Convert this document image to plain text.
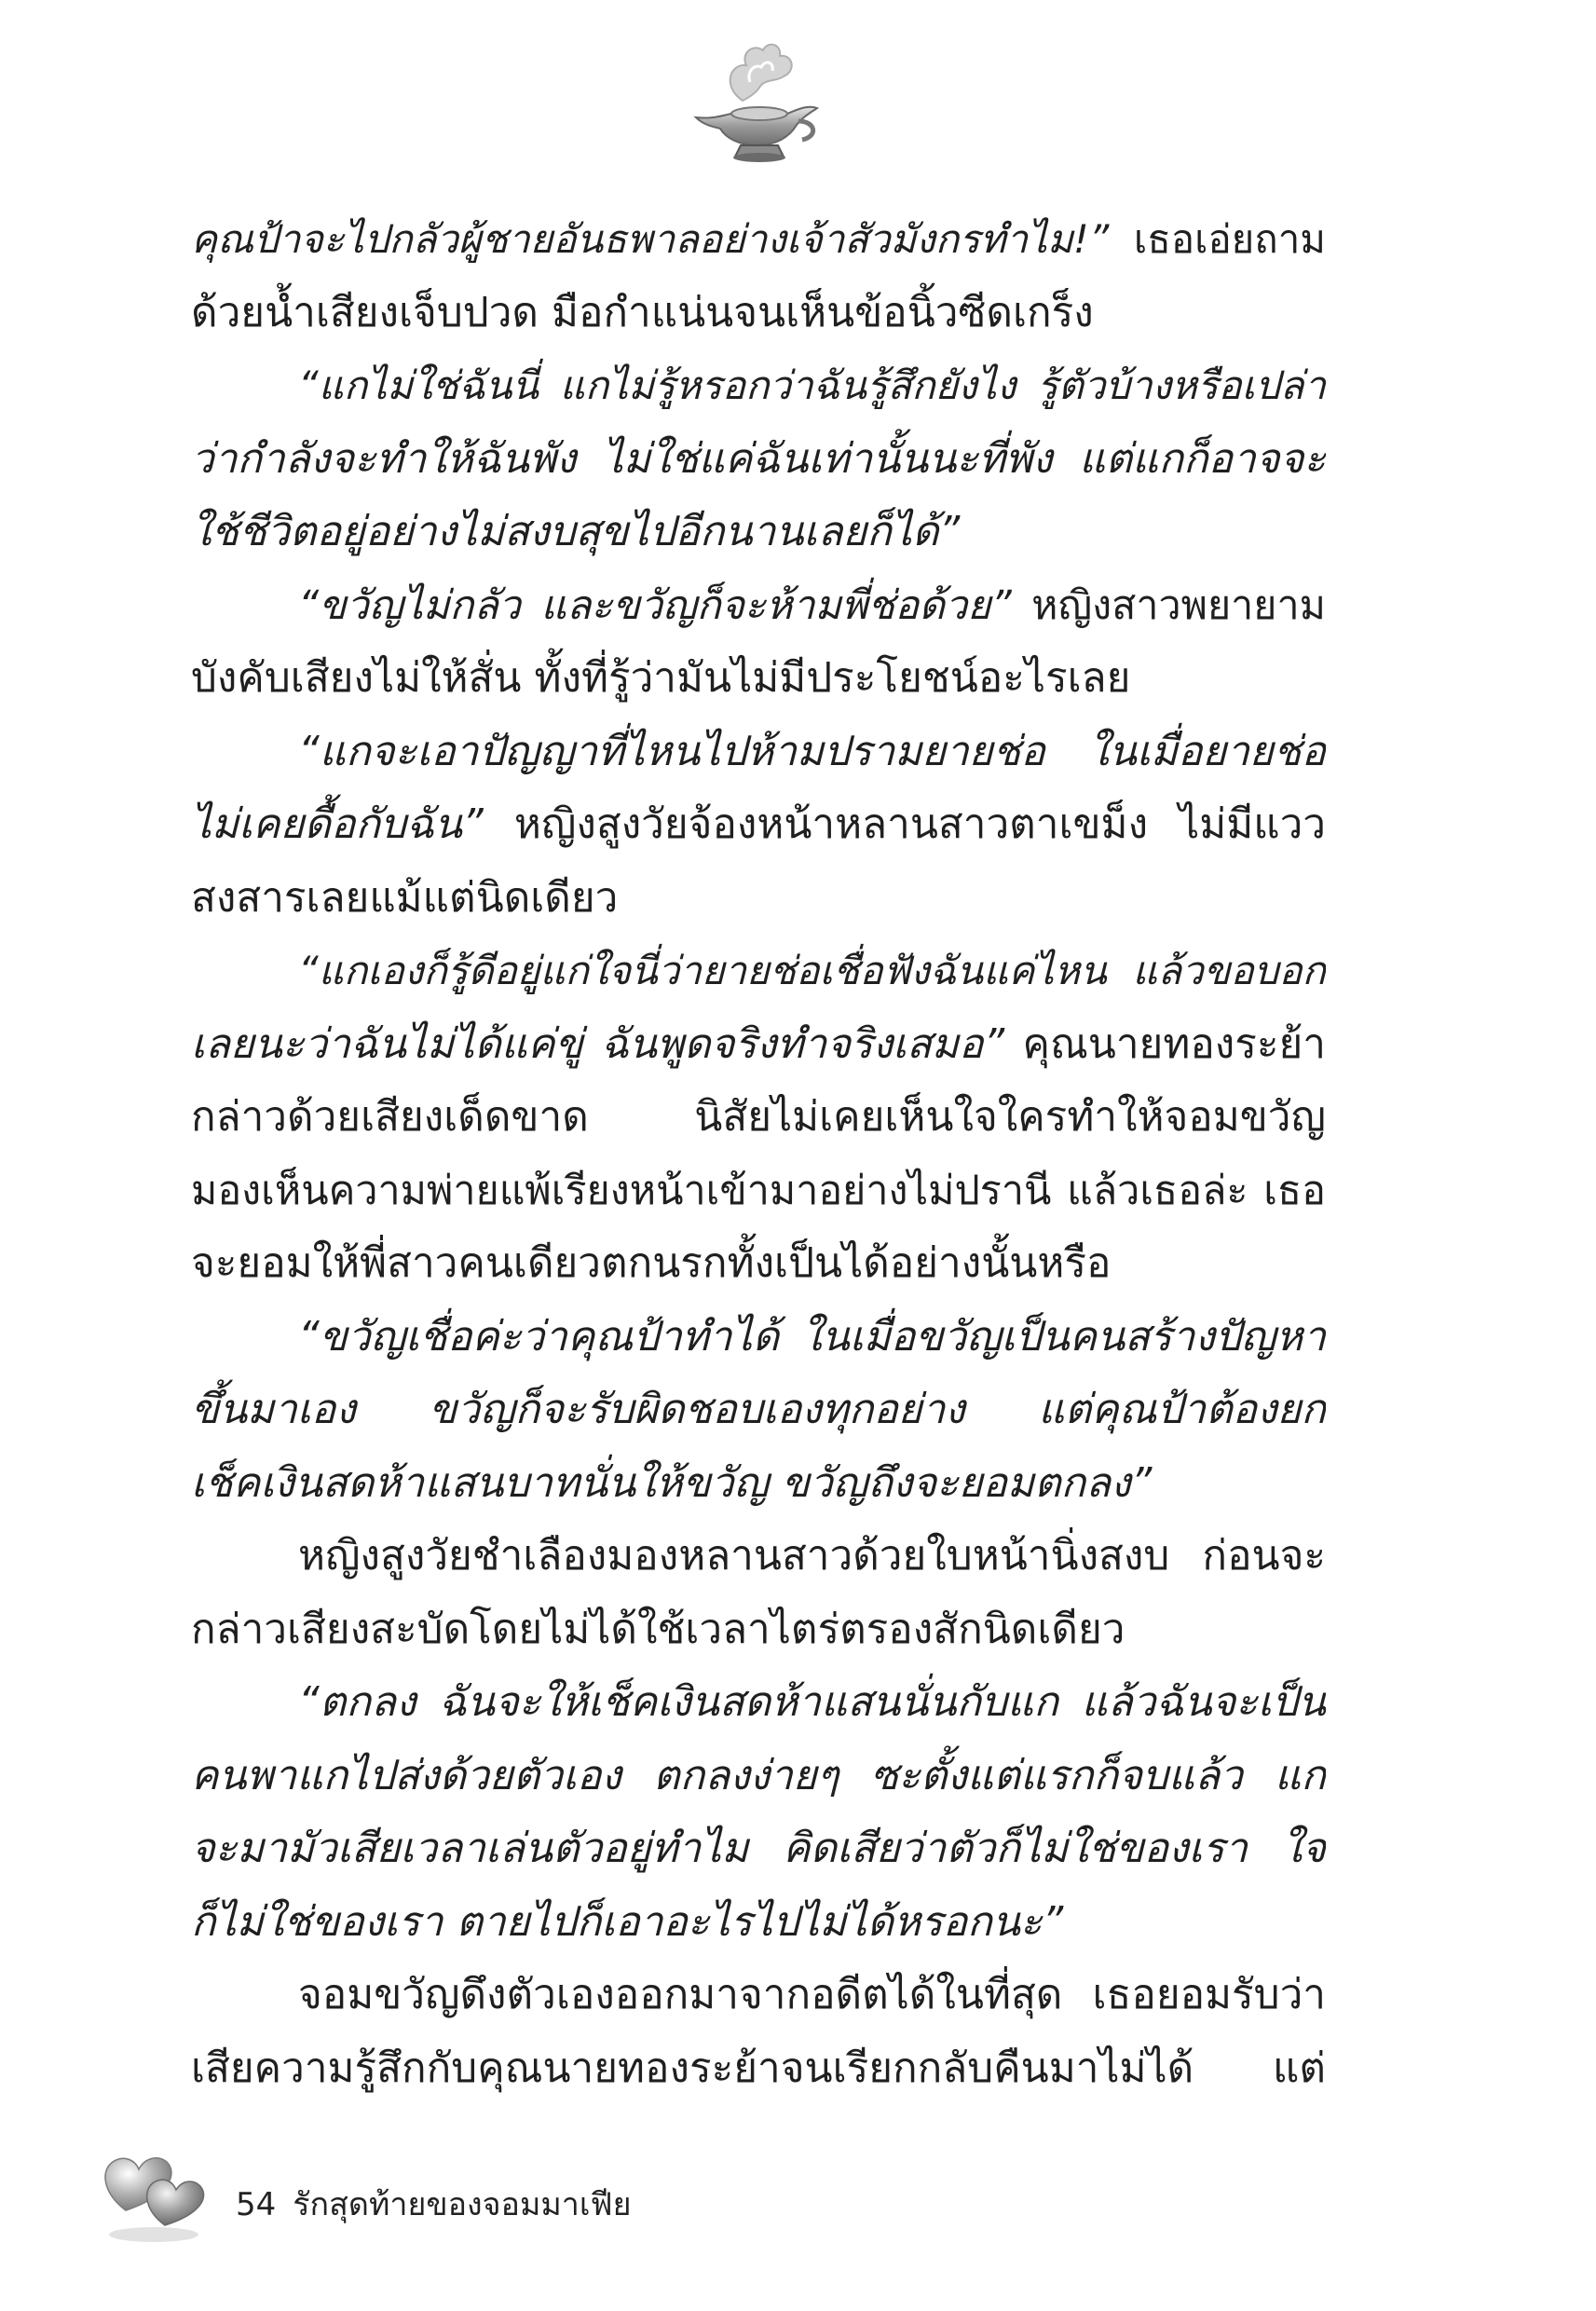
คุณป้าจะไปกลัวผู้ชายอันธพาลอย่างเจ้าสัวมังกรทำไม!” เธอเอ่ยถาม
ด้วยน้ำเสียงเจ็บปวด มือกำแน่นจนเห็นข้อนิ้วซีดเกร็ง
“แกไม่ใช่ฉันนี่ แกไม่รู้หรอกว่าฉันรู้สึกยังไง รู้ตัวบ้างหรือเปล่า
ว่ากำลังจะทำให้ฉันพัง ไม่ใช่แค่ฉันเท่านั้นนะที่พัง แต่แกก็อาจจะ
ใช้ชีวิตอยู่อย่างไม่สงบสุขไปอีกนานเลยก็ได้”
“ขวัญไม่กลัว และขวัญก็จะห้ามพี่ช่อด้วย” หญิงสาวพยายาม
บังคับเสียงไม่ให้สั่น ทั้งที่รู้ว่ามันไม่มีประโยชน์อะไรเลย
“แกจะเอาปัญญาที่ไหนไปห้ามปรามยายช่อ ในเมื่อยายช่อ
ไม่เคยดื้อกับฉัน” หญิงสูงวัยจ้องหน้าหลานสาวตาเขม็ง ไม่มีแวว
สงสารเลยแม้แต่นิดเดียว
“แกเองก็รู้ดีอยู่แก่ใจนี่ว่ายายช่อเชื่อฟังฉันแค่ไหน แล้วขอบอก
เลยนะว่าฉันไม่ได้แค่ขู่ ฉันพูดจริงทำจริงเสมอ” คุณนายทองระย้า
กล่าวด้วยเสียงเด็ดขาด นิสัยไม่เคยเห็นใจใครทำให้จอมขวัญ
มองเห็นความพ่ายแพ้เรียงหน้าเข้ามาอย่างไม่ปรานี แล้วเธอล่ะ เธอ
จะยอมให้พี่สาวคนเดียวตกนรกทั้งเป็นได้อย่างนั้นหรือ
“ขวัญเชื่อค่ะว่าคุณป้าทำได้ ในเมื่อขวัญเป็นคนสร้างปัญหา
ขึ้นมาเอง ขวัญก็จะรับผิดชอบเองทุกอย่าง แต่คุณป้าต้องยก
เช็คเงินสดห้าแสนบาทนั่นให้ขวัญ ขวัญถึงจะยอมตกลง”
หญิงสูงวัยชำเลืองมองหลานสาวด้วยใบหน้านิ่งสงบ ก่อนจะ
กล่าวเสียงสะบัดโดยไม่ได้ใช้เวลาไตร่ตรองสักนิดเดียว
“ตกลง ฉันจะให้เช็คเงินสดห้าแสนนั่นกับแก แล้วฉันจะเป็น
คนพาแกไปส่งด้วยตัวเอง ตกลงง่ายๆ ซะตั้งแต่แรกก็จบแล้ว แก
จะมามัวเสียเวลาเล่นตัวอยู่ทำไม คิดเสียว่าตัวก็ไม่ใช่ของเรา ใจ
ก็ไม่ใช่ของเรา ตายไปก็เอาอะไรไปไม่ได้หรอกนะ”
จอมขวัญดึงตัวเองออกมาจากอดีตได้ในที่สุด เธอยอมรับว่า
เสียความรู้สึกกับคุณนายทองระย้าจนเรียกกลับคืนมาไม่ได้ แต่
54 รักสุดท้ายของจอมมาเฟีย
